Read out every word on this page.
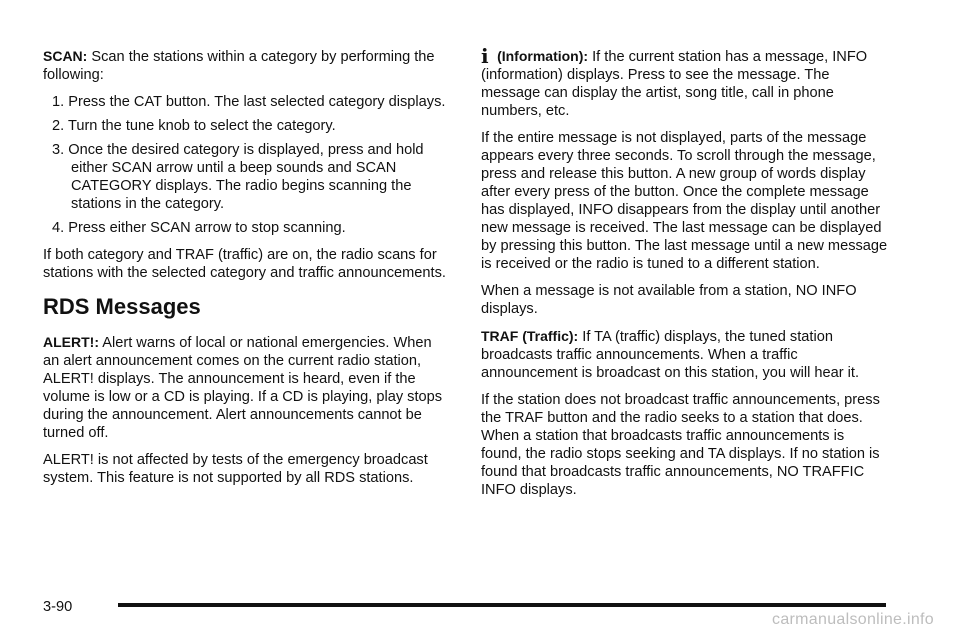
SCAN: Scan the stations within a category by performing the following:

1. Press the CAT button. The last selected category displays.
2. Turn the tune knob to select the category.
3. Once the desired category is displayed, press and hold either SCAN arrow until a beep sounds and SCAN CATEGORY displays. The radio begins scanning the stations in the category.
4. Press either SCAN arrow to stop scanning.

If both category and TRAF (traffic) are on, the radio scans for stations with the selected category and traffic announcements.

RDS Messages

ALERT!: Alert warns of local or national emergencies. When an alert announcement comes on the current radio station, ALERT! displays. The announcement is heard, even if the volume is low or a CD is playing. If a CD is playing, play stops during the announcement. Alert announcements cannot be turned off.

ALERT! is not affected by tests of the emergency broadcast system. This feature is not supported by all RDS stations.

i (Information): If the current station has a message, INFO (information) displays. Press to see the message. The message can display the artist, song title, call in phone numbers, etc.

If the entire message is not displayed, parts of the message appears every three seconds. To scroll through the message, press and release this button. A new group of words display after every press of the button. Once the complete message has displayed, INFO disappears from the display until another new message is received. The last message can be displayed by pressing this button. The last message until a new message is received or the radio is tuned to a different station.

When a message is not available from a station, NO INFO displays.

TRAF (Traffic): If TA (traffic) displays, the tuned station broadcasts traffic announcements. When a traffic announcement is broadcast on this station, you will hear it.

If the station does not broadcast traffic announcements, press the TRAF button and the radio seeks to a station that does. When a station that broadcasts traffic announcements is found, the radio stops seeking and TA displays. If no station is found that broadcasts traffic announcements, NO TRAFFIC INFO displays.

3-90
carmanualsonline.info
